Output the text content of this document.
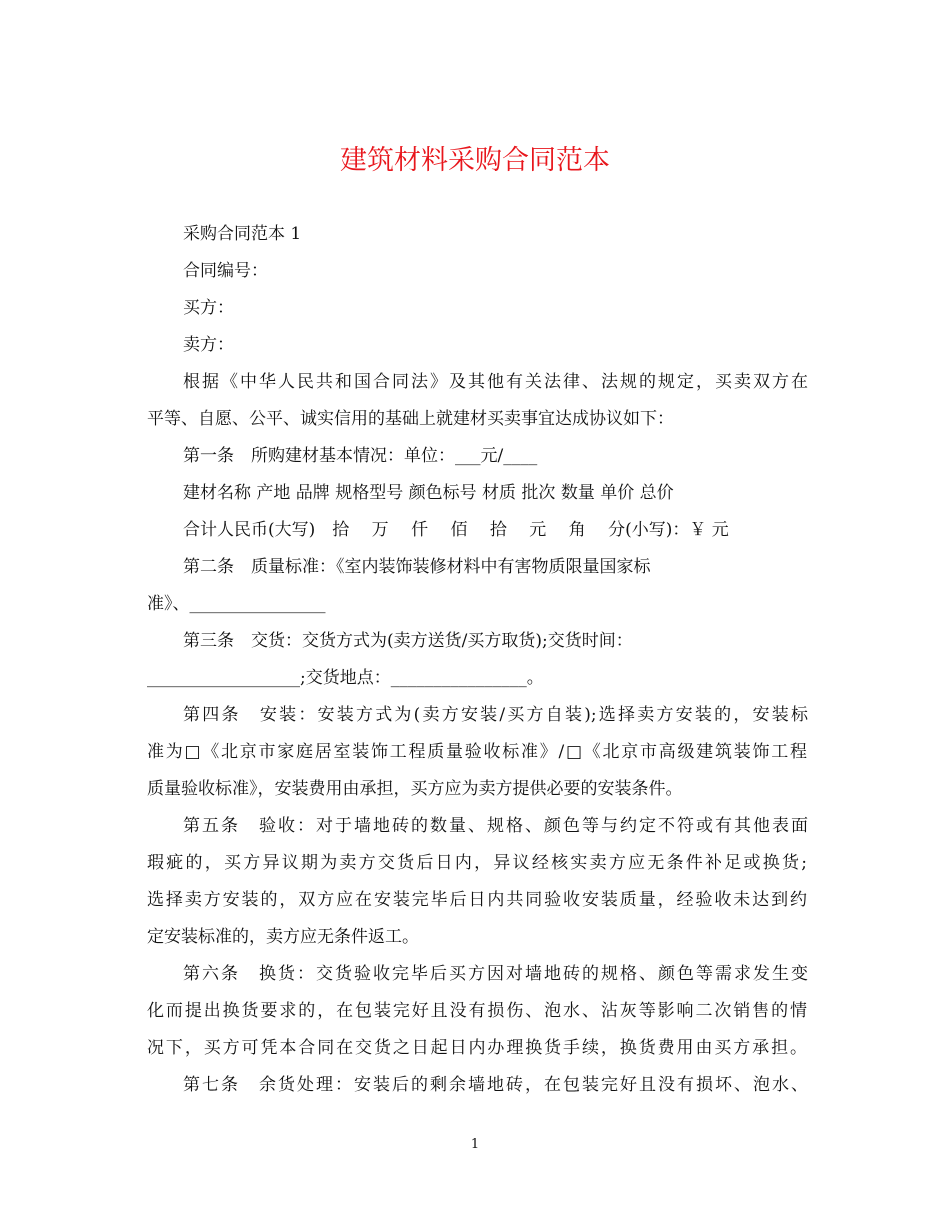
建筑材料采购合同范本
采购合同范本 1
合同编号：
买方：
卖方：
根据《中华人民共和国合同法》及其他有关法律、法规的规定，买卖双方在
平等、自愿、公平、诚实信用的基础上就建材买卖事宜达成协议如下：
第一条　所购建材基本情况：单位：___元/____
建材名称 产地 品牌 规格型号 颜色标号 材质 批次 数量 单价 总价
合计人民币(大写)　拾　 万　 仟　 佰　 拾　 元　 角　 分(小写)：￥ 元
第二条　质量标准：《室内装饰装修材料中有害物质限量国家标
准》、________________
第三条　交货：交货方式为(卖方送货/买方取货);交货时间：
__________________;交货地点：________________。
第四条　安装：安装方式为(卖方安装/买方自装);选择卖方安装的，安装标
准为□《北京市家庭居室装饰工程质量验收标准》/□《北京市高级建筑装饰工程
质量验收标准》，安装费用由承担，买方应为卖方提供必要的安装条件。
第五条　验收：对于墙地砖的数量、规格、颜色等与约定不符或有其他表面
瑕疵的，买方异议期为卖方交货后日内，异议经核实卖方应无条件补足或换货;
选择卖方安装的，双方应在安装完毕后日内共同验收安装质量，经验收未达到约
定安装标准的，卖方应无条件返工。
第六条　换货：交货验收完毕后买方因对墙地砖的规格、颜色等需求发生变
化而提出换货要求的，在包装完好且没有损伤、泡水、沾灰等影响二次销售的情
况下，买方可凭本合同在交货之日起日内办理换货手续，换货费用由买方承担。
第七条　余货处理：安装后的剩余墙地砖，在包装完好且没有损坏、泡水、
1
